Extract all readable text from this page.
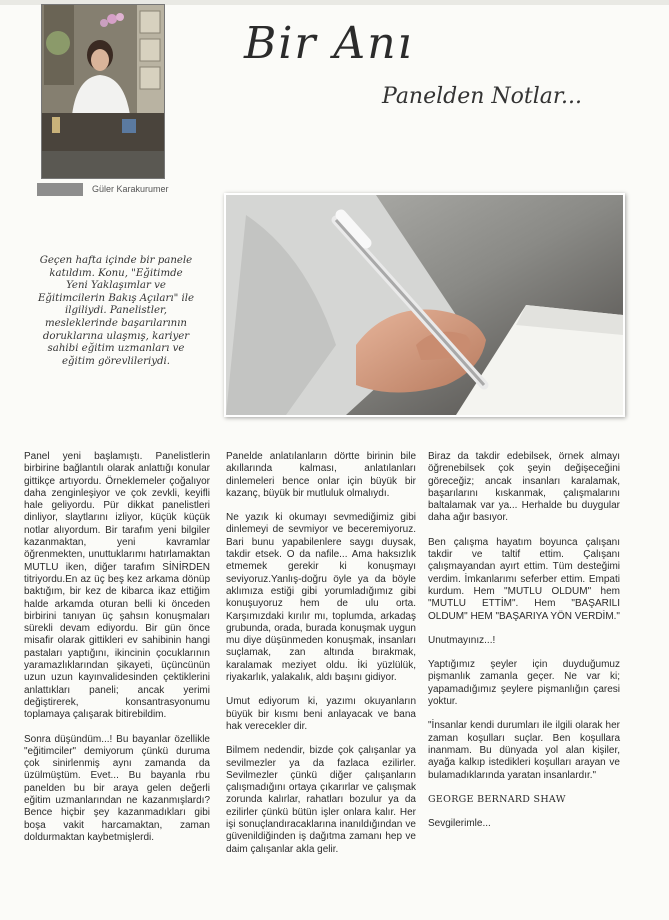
Güler Karakurumer
Bir Anı
Panelden Notlar...
Geçen hafta içinde bir panele katıldım. Konu, "Eğitimde Yeni Yaklaşımlar ve Eğitimcilerin Bakış Açıları" ile ilgiliydi. Panelistler, mesleklerinde başarılarının doruklarına ulaşmış, kariyer sahibi eğitim uzmanları ve eğitim görevlileriydi.

Panel yeni başlamıştı. Panelistlerin birbirine bağlantılı olarak anlattığı konular gittikçe artıyordu. Örneklemeler çoğalıyor daha zenginleşiyor ve çok zevkli, keyifli hale geliyordu. Pür dikkat panelistleri dinliyor, slaytlarını izliyor, küçük küçük notlar alıyordum. Bir tarafım yeni bilgiler kazanmaktan, yeni kavramlar öğrenmekten, unuttuklarımı hatırlamaktan MUTLU iken, diğer tarafım SİNİRDEN titriyordu.En az üç beş kez arkama dönüp baktığım, bir kez de kibarca ikaz ettiğim halde arkamda oturan belli ki önceden birbirini tanıyan üç şahsın konuşmaları sürekli devam ediyordu. Bir gün önce misafir olarak gittikleri ev sahibinin hangi pastaları yaptığını, ikincinin çocuklarının yaramazlıklarından şikayeti, üçüncünün uzun uzun kayınvalidesinden çektiklerini anlattıkları paneli; ancak yerimi değiştirerek, konsantrasyonumu toplamaya çalışarak bitirebildim.

Sonra düşündüm...! Bu bayanlar özellikle "eğitimciler" demiyorum çünkü duruma çok sinirlenmiş aynı zamanda da üzülmüştüm. Evet... Bu bayanla rbu panelden bu bir araya gelen değerli eğitim uzmanlarından ne kazanmışlardı? Bence hiçbir şey kazanmadıkları gibi boşa vakit harcamaktan, zaman doldurmaktan kaybetmişlerdi.

Panelde anlatılanların dörtte birinin bile akıllarında kalması, anlatılanları dinlemeleri bence onlar için büyük bir kazanç, büyük bir mutluluk olmalıydı.

Ne yazık ki okumayı sevmediğimiz gibi dinlemeyi de sevmiyor ve beceremiyoruz. Bari bunu yapabilenlere saygı duysak, takdir etsek. O da nafile... Ama haksızlık etmemek gerekir ki konuşmayı seviyoruz.Yanlış-doğru öyle ya da böyle aklımıza estiği gibi yorumladığımız gibi konuşuyoruz hem de ulu orta. Karşımızdaki kırılır mı, toplumda, arkadaş grubunda, orada, burada konuşmak uygun mu diye düşünmeden konuşmak, insanları suçlamak, zan altında bırakmak, karalamak meziyet oldu. İki yüzlülük, riyakarlık, yalakalık, aldı başını gidiyor.

Umut ediyorum ki, yazımı okuyanların büyük bir kısmı beni anlayacak ve bana hak verecekler dir.

Bilmem nedendir, bizde çok çalışanlar ya sevilmezler ya da fazlaca ezilirler. Sevilmezler çünkü diğer çalışanların çalışmadığını ortaya çıkarırlar ve çalışmak zorunda kalırlar, rahatları bozulur ya da ezilirler çünkü bütün işler onlara kalır. Her işi sonuçlandıracaklarına inanıldığından ve güvenildiğinden iş dağıtma zamanı hep ve daim çalışanlar akla gelir.

Biraz da takdir edebilsek, örnek almayı öğrenebilsek çok şeyin değişeceğini göreceğiz; ancak insanları karalamak, başarılarını kıskanmak, çalışmalarını baltalamak var ya... Herhalde bu duygular daha ağır basıyor.

Ben çalışma hayatım boyunca çalışanı takdir ve taltif ettim. Çalışanı çalışmayandan ayırt ettim. Tüm desteğimi verdim. İmkanlarımı seferber ettim. Empati kurdum. Hem "MUTLU OLDUM" hem "MUTLU ETTİM". Hem "BAŞARILI OLDUM" HEM "BAŞARIYA YÖN VERDİM."

Unutmayınız...!

Yaptığımız şeyler için duyduğumuz pişmanlık zamanla geçer. Ne var ki; yapamadığımız şeylere pişmanlığın çaresi yoktur.

"İnsanlar kendi durumları ile ilgili olarak her zaman koşulları suçlar. Ben koşullara inanmam. Bu dünyada yol alan kişiler, ayağa kalkıp istedikleri koşulları arayan ve bulamadıklarında yaratan insanlardır."

GEORGE BERNARD SHAW

Sevgilerimle...
